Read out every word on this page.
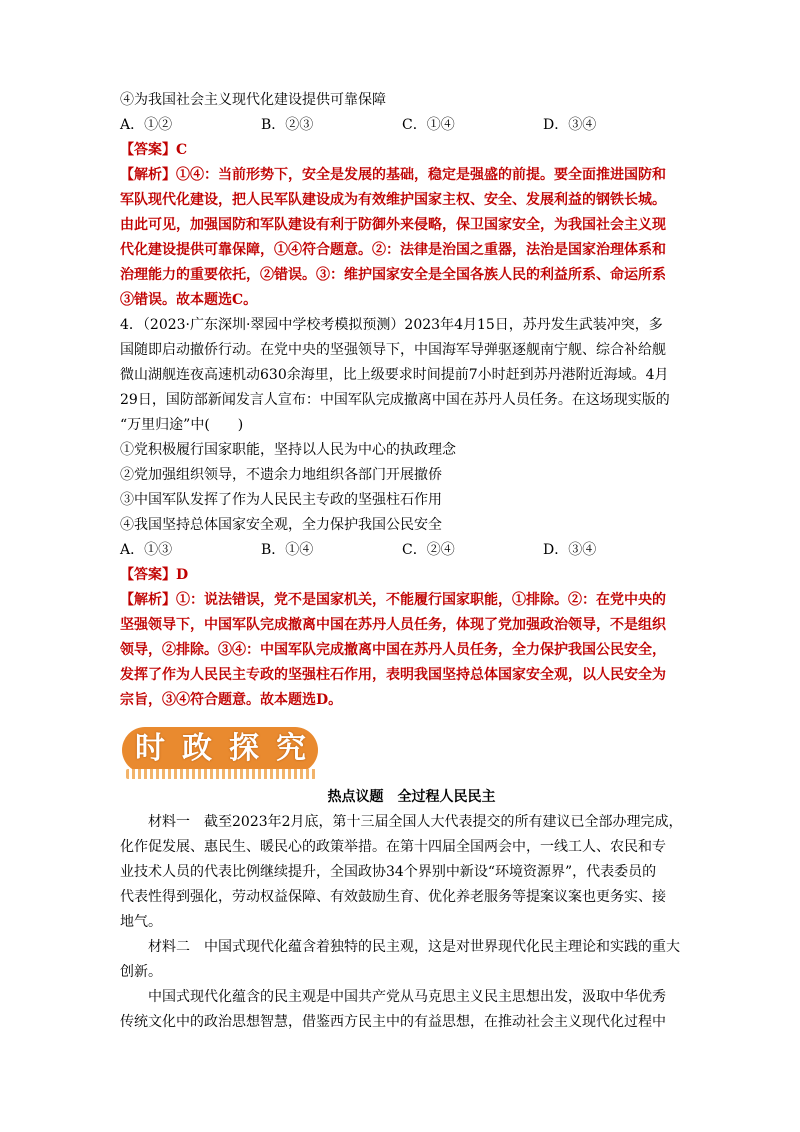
④为我国社会主义现代化建设提供可靠保障
A．①②	B．②③	C．①④	D．③④
【答案】C
【解析】①④：当前形势下，安全是发展的基础，稳定是强盛的前提。要全面推进国防和
军队现代化建设，把人民军队建设成为有效维护国家主权、安全、发展利益的钢铁长城。
由此可见，加强国防和军队建设有利于防御外来侵略，保卫国家安全，为我国社会主义现
代化建设提供可靠保障，①④符合题意。②：法律是治国之重器，法治是国家治理体系和
治理能力的重要依托，②错误。③：维护国家安全是全国各族人民的利益所系、命运所系
③错误。故本题选C。
4．（2023·广东深圳·翠园中学校考模拟预测）2023年4月15日，苏丹发生武装冲突，多
国随即启动撤侨行动。在党中央的坚强领导下，中国海军导弹驱逐舰南宁舰、综合补给舰
微山湖舰连夜高速机动630余海里，比上级要求时间提前7小时赶到苏丹港附近海域。4月
29日，国防部新闻发言人宣布：中国军队完成撤离中国在苏丹人员任务。在这场现实版的
“万里归途”中(　　)
①党积极履行国家职能，坚持以人民为中心的执政理念
②党加强组织领导，不遗余力地组织各部门开展撤侨
③中国军队发挥了作为人民民主专政的坚强柱石作用
④我国坚持总体国家安全观，全力保护我国公民安全
A．①③	B．①④	C．②④	D．③④
【答案】D
【解析】①：说法错误，党不是国家机关，不能履行国家职能，①排除。②：在党中央的
坚强领导下，中国军队完成撤离中国在苏丹人员任务，体现了党加强政治领导，不是组织
领导，②排除。③④：中国军队完成撤离中国在苏丹人员任务，全力保护我国公民安全，
发挥了作为人民民主专政的坚强柱石作用，表明我国坚持总体国家安全观，以人民安全为
宗旨，③④符合题意。故本题选D。
时 政 探 究
热点议题　全过程人民民主
材料一　截至2023年2月底，第十三届全国人大代表提交的所有建议已全部办理完成，
化作促发展、惠民生、暖民心的政策举措。在第十四届全国两会中，一线工人、农民和专
业技术人员的代表比例继续提升，全国政协34个界别中新设“环境资源界”，代表委员的
代表性得到强化，劳动权益保障、有效鼓励生育、优化养老服务等提案议案也更务实、接
地气。
材料二　中国式现代化蕴含着独特的民主观，这是对世界现代化民主理论和实践的重大
创新。
中国式现代化蕴含的民主观是中国共产党从马克思主义民主思想出发，汲取中华优秀
传统文化中的政治思想智慧，借鉴西方民主中的有益思想，在推动社会主义现代化过程中
